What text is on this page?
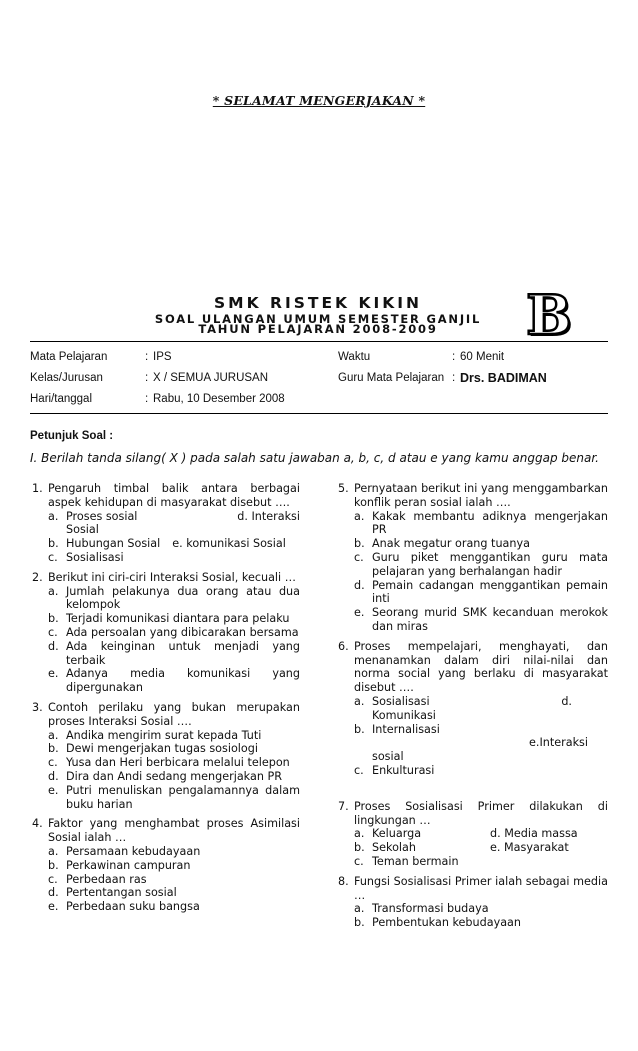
* SELAMAT MENGERJAKAN *
SMK RISTEK KIKIN
SOAL ULANGAN UMUM SEMESTER GANJIL
TAHUN PELAJARAN 2008-2009	B
Mata Pelajaran	: IPS	Waktu	: 60 Menit
Kelas/Jurusan	: X / SEMUA JURUSAN	Guru Mata Pelajaran : Drs. BADIMAN
Hari/tanggal	: Rabu, 10 Desember 2008
Petunjuk Soal :
I. Berilah tanda silang( X ) pada salah satu jawaban a, b, c, d atau e yang kamu anggap benar.
1. Pengaruh timbal balik antara berbagai aspek kehidupan di masyarakat disebut ….
a. Proses sosial	d. Interaksi
Sosial
b. Hubungan Sosial e. komunikasi Sosial
c. Sosialisasi
2. Berikut ini ciri-ciri Interaksi Sosial, kecuali …
a. Jumlah pelakunya dua orang atau dua kelompok
b. Terjadi komunikasi diantara para pelaku
c. Ada persoalan yang dibicarakan bersama
d. Ada keinginan untuk menjadi yang terbaik
e. Adanya media komunikasi yang dipergunakan
3. Contoh perilaku yang bukan merupakan proses Interaksi Sosial ….
a. Andika mengirim surat kepada Tuti
b. Dewi mengerjakan tugas sosiologi
c. Yusa dan Heri berbicara melalui telepon
d. Dira dan Andi sedang mengerjakan PR
e. Putri menuliskan pengalamannya dalam buku harian
4. Faktor yang menghambat proses Asimilasi Sosial ialah …
a. Persamaan kebudayaan
b. Perkawinan campuran
c. Perbedaan ras
d. Pertentangan sosial
e. Perbedaan suku bangsa
5. Pernyataan berikut ini yang menggambarkan konflik peran sosial ialah ….
a. Kakak membantu adiknya mengerjakan PR
b. Anak megatur orang tuanya
c. Guru piket menggantikan guru mata pelajaran yang berhalangan hadir
d. Pemain cadangan menggantikan pemain inti
e. Seorang murid SMK kecanduan merokok dan miras
6. Proses mempelajari, menghayati, dan menanamkan dalam diri nilai-nilai dan norma social yang berlaku di masyarakat disebut ….
a. Sosialisasi	d.
Komunikasi
b. Internalisasi
e.Interaksi
sosial
c. Enkulturasi
7. Proses Sosialisasi Primer dilakukan di lingkungan …
a. Keluarga	d. Media massa
b. Sekolah	e. Masyarakat
c. Teman bermain
8. Fungsi Sosialisasi Primer ialah sebagai media …
a. Transformasi budaya
b. Pembentukan kebudayaan
